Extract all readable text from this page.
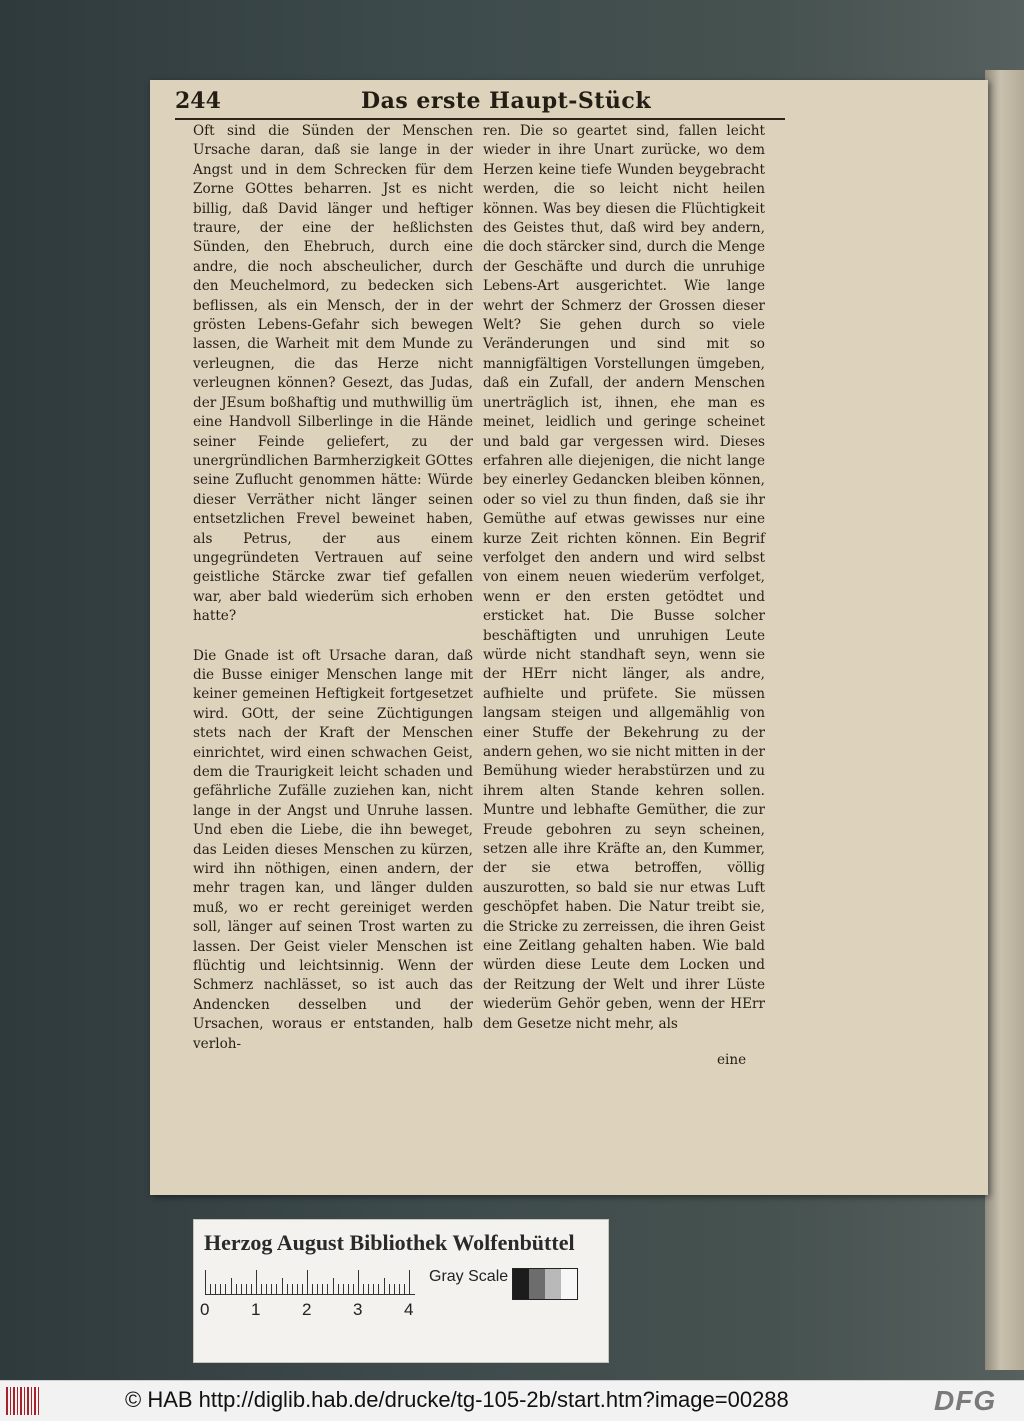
244	Das erste Haupt-Stück

Oft sind die Sünden der Menschen Ursache daran, daß sie lange in der Angst und in dem Schrecken für dem Zorne GOttes beharren. Jst es nicht billig, daß David länger und heftiger traure, der eine der heßlichsten Sünden, den Ehebruch, durch eine andre, die noch abscheulicher, durch den Meuchelmord, zu bedecken sich beflissen, als ein Mensch, der in der grösten Lebens-Gefahr sich bewegen lassen, die Warheit mit dem Munde zu verleugnen, die das Herze nicht verleugnen können? Gesezt, das Judas, der JEsum boßhaftig und muthwillig üm eine Handvoll Silberlinge in die Hände seiner Feinde geliefert, zu der unergründlichen Barmherzigkeit GOttes seine Zuflucht genommen hätte: Würde dieser Verräther nicht länger seinen entsetzlichen Frevel beweinet haben, als Petrus, der aus einem ungegründeten Vertrauen auf seine geistliche Stärcke zwar tief gefallen war, aber bald wiederüm sich erhoben hatte?

Die Gnade ist oft Ursache daran, daß die Busse einiger Menschen lange mit keiner gemeinen Heftigkeit fortgesetzet wird. GOtt, der seine Züchtigungen stets nach der Kraft der Menschen einrichtet, wird einen schwachen Geist, dem die Traurigkeit leicht schaden und gefährliche Zufälle zuziehen kan, nicht lange in der Angst und Unruhe lassen. Und eben die Liebe, die ihn beweget, das Leiden dieses Menschen zu kürzen, wird ihn nöthigen, einen andern, der mehr tragen kan, und länger dulden muß, wo er recht gereiniget werden soll, länger auf seinen Trost warten zu lassen. Der Geist vieler Menschen ist flüchtig und leichtsinnig. Wenn der Schmerz nachlässet, so ist auch das Andencken desselben und der Ursachen, woraus er entstanden, halb verloh-

ren. Die so geartet sind, fallen leicht wieder in ihre Unart zurücke, wo dem Herzen keine tiefe Wunden beygebracht werden, die so leicht nicht heilen können. Was bey diesen die Flüchtigkeit des Geistes thut, daß wird bey andern, die doch stärcker sind, durch die Menge der Geschäfte und durch die unruhige Lebens-Art ausgerichtet. Wie lange wehrt der Schmerz der Grossen dieser Welt? Sie gehen durch so viele Veränderungen und sind mit so mannigfältigen Vorstellungen ümgeben, daß ein Zufall, der andern Menschen unerträglich ist, ihnen, ehe man es meinet, leidlich und geringe scheinet und bald gar vergessen wird. Dieses erfahren alle diejenigen, die nicht lange bey einerley Gedancken bleiben können, oder so viel zu thun finden, daß sie ihr Gemüthe auf etwas gewisses nur eine kurze Zeit richten können. Ein Begrif verfolget den andern und wird selbst von einem neuen wiederüm verfolget, wenn er den ersten getödtet und ersticket hat. Die Busse solcher beschäftigten und unruhigen Leute würde nicht standhaft seyn, wenn sie der HErr nicht länger, als andre, aufhielte und prüfete. Sie müssen langsam steigen und allgemählig von einer Stuffe der Bekehrung zu der andern gehen, wo sie nicht mitten in der Bemühung wieder herabstürzen und zu ihrem alten Stande kehren sollen. Muntre und lebhafte Gemüther, die zur Freude gebohren zu seyn scheinen, setzen alle ihre Kräfte an, den Kummer, der sie etwa betroffen, völlig auszurotten, so bald sie nur etwas Luft geschöpfet haben. Die Natur treibt sie, die Stricke zu zerreissen, die ihren Geist eine Zeitlang gehalten haben. Wie bald würden diese Leute dem Locken und der Reitzung der Welt und ihrer Lüste wiederüm Gehör geben, wenn der HErr dem Gesetze nicht mehr, als

eine
Herzog August Bibliothek Wolfenbüttel
0 1 2 3 4
Gray Scale
© HAB http://diglib.hab.de/drucke/tg-105-2b/start.htm?image=00288	DFG
